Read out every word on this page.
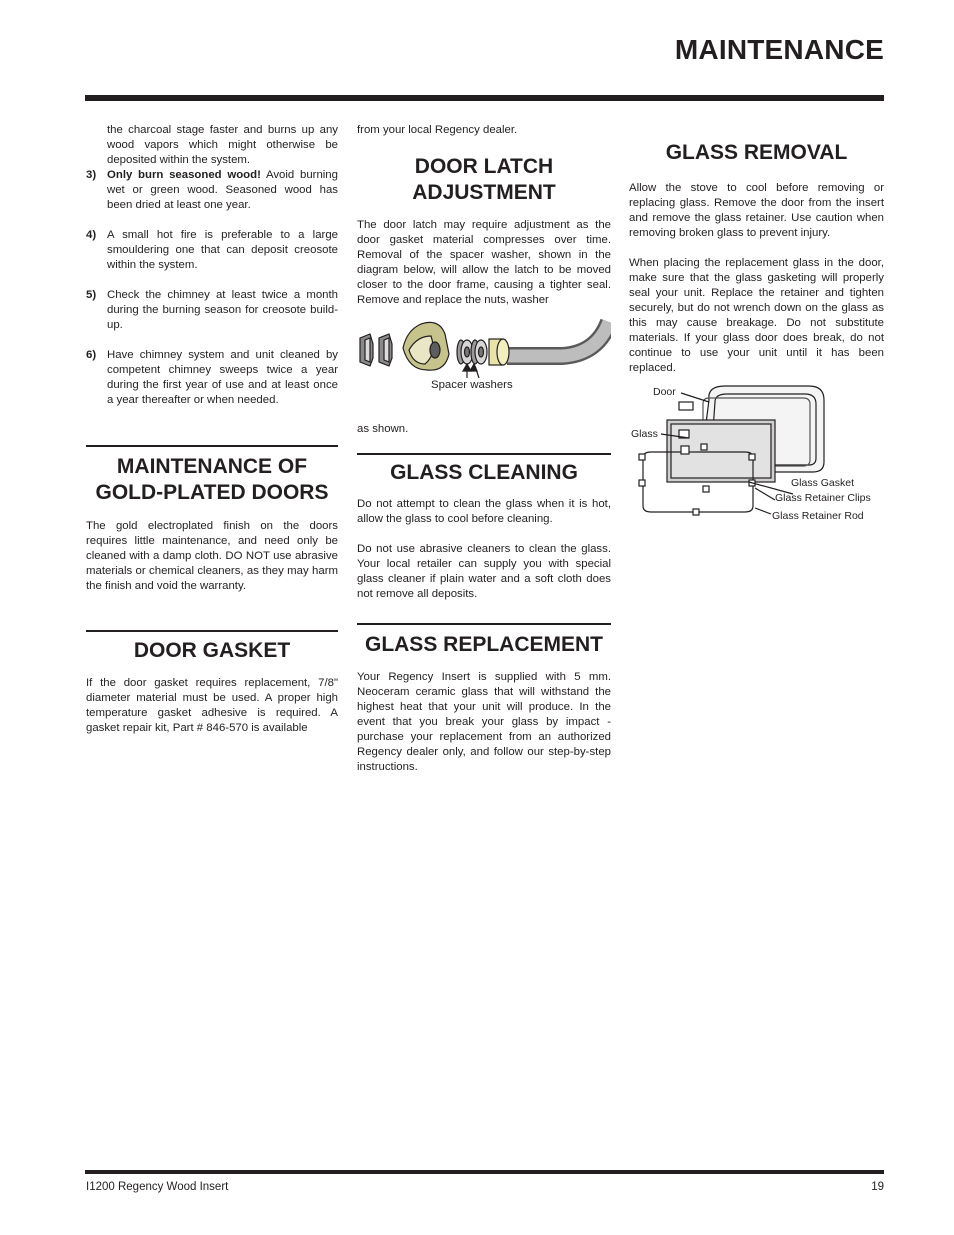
MAINTENANCE

the charcoal stage faster and burns up any wood vapors which might otherwise be deposited within the system.

3) Only burn seasoned wood! Avoid burning wet or green wood. Seasoned wood has been dried at least one year.
4) A small hot fire is preferable to a large smouldering one that can deposit creosote within the system.
5) Check the chimney at least twice a month during the burning season for creosote build-up.
6) Have chimney system and unit cleaned by competent chimney sweeps twice a year during the first year of use and at least once a year thereafter or when needed.
MAINTENANCE OF GOLD-PLATED DOORS

The gold electroplated finish on the doors requires little maintenance, and need only be cleaned with a damp cloth. DO NOT use abrasive materials or chemical cleaners, as they may harm the finish and void the warranty.

DOOR GASKET

If the door gasket requires replacement, 7/8" diameter material must be used. A proper high temperature gasket adhesive is required. A gasket repair kit, Part # 846-570 is available

from your local Regency dealer.

DOOR LATCH ADJUSTMENT

The door latch may require adjustment as the door gasket material compresses over time. Removal of the spacer washer, shown in the diagram below, will allow the latch to be moved closer to the door frame, causing a tighter seal. Remove and replace the nuts, washer

Spacer washers

as shown.

GLASS CLEANING

Do not attempt to clean the glass when it is hot, allow the glass to cool before cleaning.

Do not use abrasive cleaners to clean the glass. Your local retailer can supply you with special glass cleaner if plain water and a soft cloth does not remove all deposits.

GLASS REPLACEMENT

Your Regency Insert is supplied with 5 mm. Neoceram ceramic glass that will withstand the highest heat that your unit will produce. In the event that you break your glass by impact - purchase your replacement from an authorized Regency dealer only, and follow our step-by-step instructions.

GLASS REMOVAL

Allow the stove to cool before removing or replacing glass. Remove the door from the insert and remove the glass retainer. Use caution when removing broken glass to prevent injury.

When placing the replacement glass in the door, make sure that the glass gasketing will properly seal your unit. Replace the retainer and tighten securely, but do not wrench down on the glass as this may cause breakage. Do not substitute materials. If your glass door does break, do not continue to use your unit until it has been replaced.

Door
Glass
Glass Gasket
Glass Retainer Clips
Glass Retainer Rod
I1200 Regency Wood Insert	19
